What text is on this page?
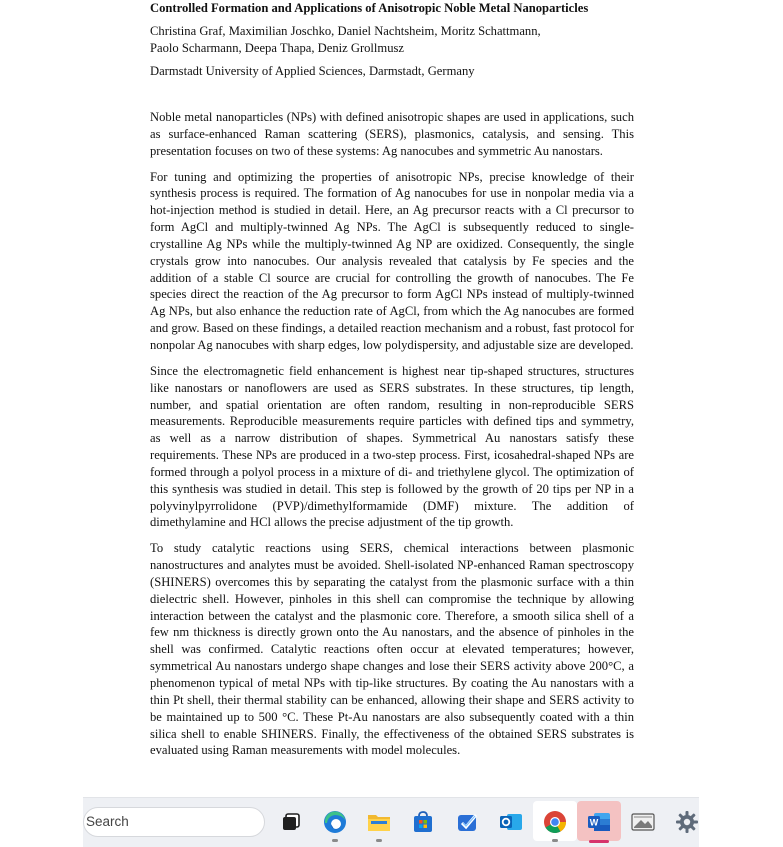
Controlled Formation and Applications of Anisotropic Noble Metal Nanoparticles
Christina Graf, Maximilian Joschko, Daniel Nachtsheim, Moritz Schattmann,
Paolo Scharmann, Deepa Thapa, Deniz Grollmusz
Darmstadt University of Applied Sciences, Darmstadt, Germany

Noble metal nanoparticles (NPs) with defined anisotropic shapes are used in applications, such as surface-enhanced Raman scattering (SERS), plasmonics, catalysis, and sensing. This presentation focuses on two of these systems: Ag nanocubes and symmetric Au nanostars.

For tuning and optimizing the properties of anisotropic NPs, precise knowledge of their synthesis process is required. The formation of Ag nanocubes for use in nonpolar media via a hot-injection method is studied in detail. Here, an Ag precursor reacts with a Cl precursor to form AgCl and multiply-twinned Ag NPs. The AgCl is subsequently reduced to single-crystalline Ag NPs while the multiply-twinned Ag NP are oxidized. Consequently, the single crystals grow into nanocubes. Our analysis revealed that catalysis by Fe species and the addition of a stable Cl source are crucial for controlling the growth of nanocubes. The Fe species direct the reaction of the Ag precursor to form AgCl NPs instead of multiply-twinned Ag NPs, but also enhance the reduction rate of AgCl, from which the Ag nanocubes are formed and grow. Based on these findings, a detailed reaction mechanism and a robust, fast protocol for nonpolar Ag nanocubes with sharp edges, low polydispersity, and adjustable size are developed.

Since the electromagnetic field enhancement is highest near tip-shaped structures, structures like nanostars or nanoflowers are used as SERS substrates. In these structures, tip length, number, and spatial orientation are often random, resulting in non-reproducible SERS measurements. Reproducible measurements require particles with defined tips and symmetry, as well as a narrow distribution of shapes. Symmetrical Au nanostars satisfy these requirements. These NPs are produced in a two-step process. First, icosahedral-shaped NPs are formed through a polyol process in a mixture of di- and triethylene glycol. The optimization of this synthesis was studied in detail. This step is followed by the growth of 20 tips per NP in a polyvinylpyrrolidone (PVP)/dimethylformamide (DMF) mixture. The addition of dimethylamine and HCl allows the precise adjustment of the tip growth.

To study catalytic reactions using SERS, chemical interactions between plasmonic nanostructures and analytes must be avoided. Shell-isolated NP-enhanced Raman spectroscopy (SHINERS) overcomes this by separating the catalyst from the plasmonic surface with a thin dielectric shell. However, pinholes in this shell can compromise the technique by allowing interaction between the catalyst and the plasmonic core. Therefore, a smooth silica shell of a few nm thickness is directly grown onto the Au nanostars, and the absence of pinholes in the shell was confirmed. Catalytic reactions often occur at elevated temperatures; however, symmetrical Au nanostars undergo shape changes and lose their SERS activity above 200°C, a phenomenon typical of metal NPs with tip-like structures. By coating the Au nanostars with a thin Pt shell, their thermal stability can be enhanced, allowing their shape and SERS activity to be maintained up to 500 °C. These Pt-Au nanostars are also subsequently coated with a thin silica shell to enable SHINERS. Finally, the effectiveness of the obtained SERS substrates is evaluated using Raman measurements with model molecules.

Search	W
